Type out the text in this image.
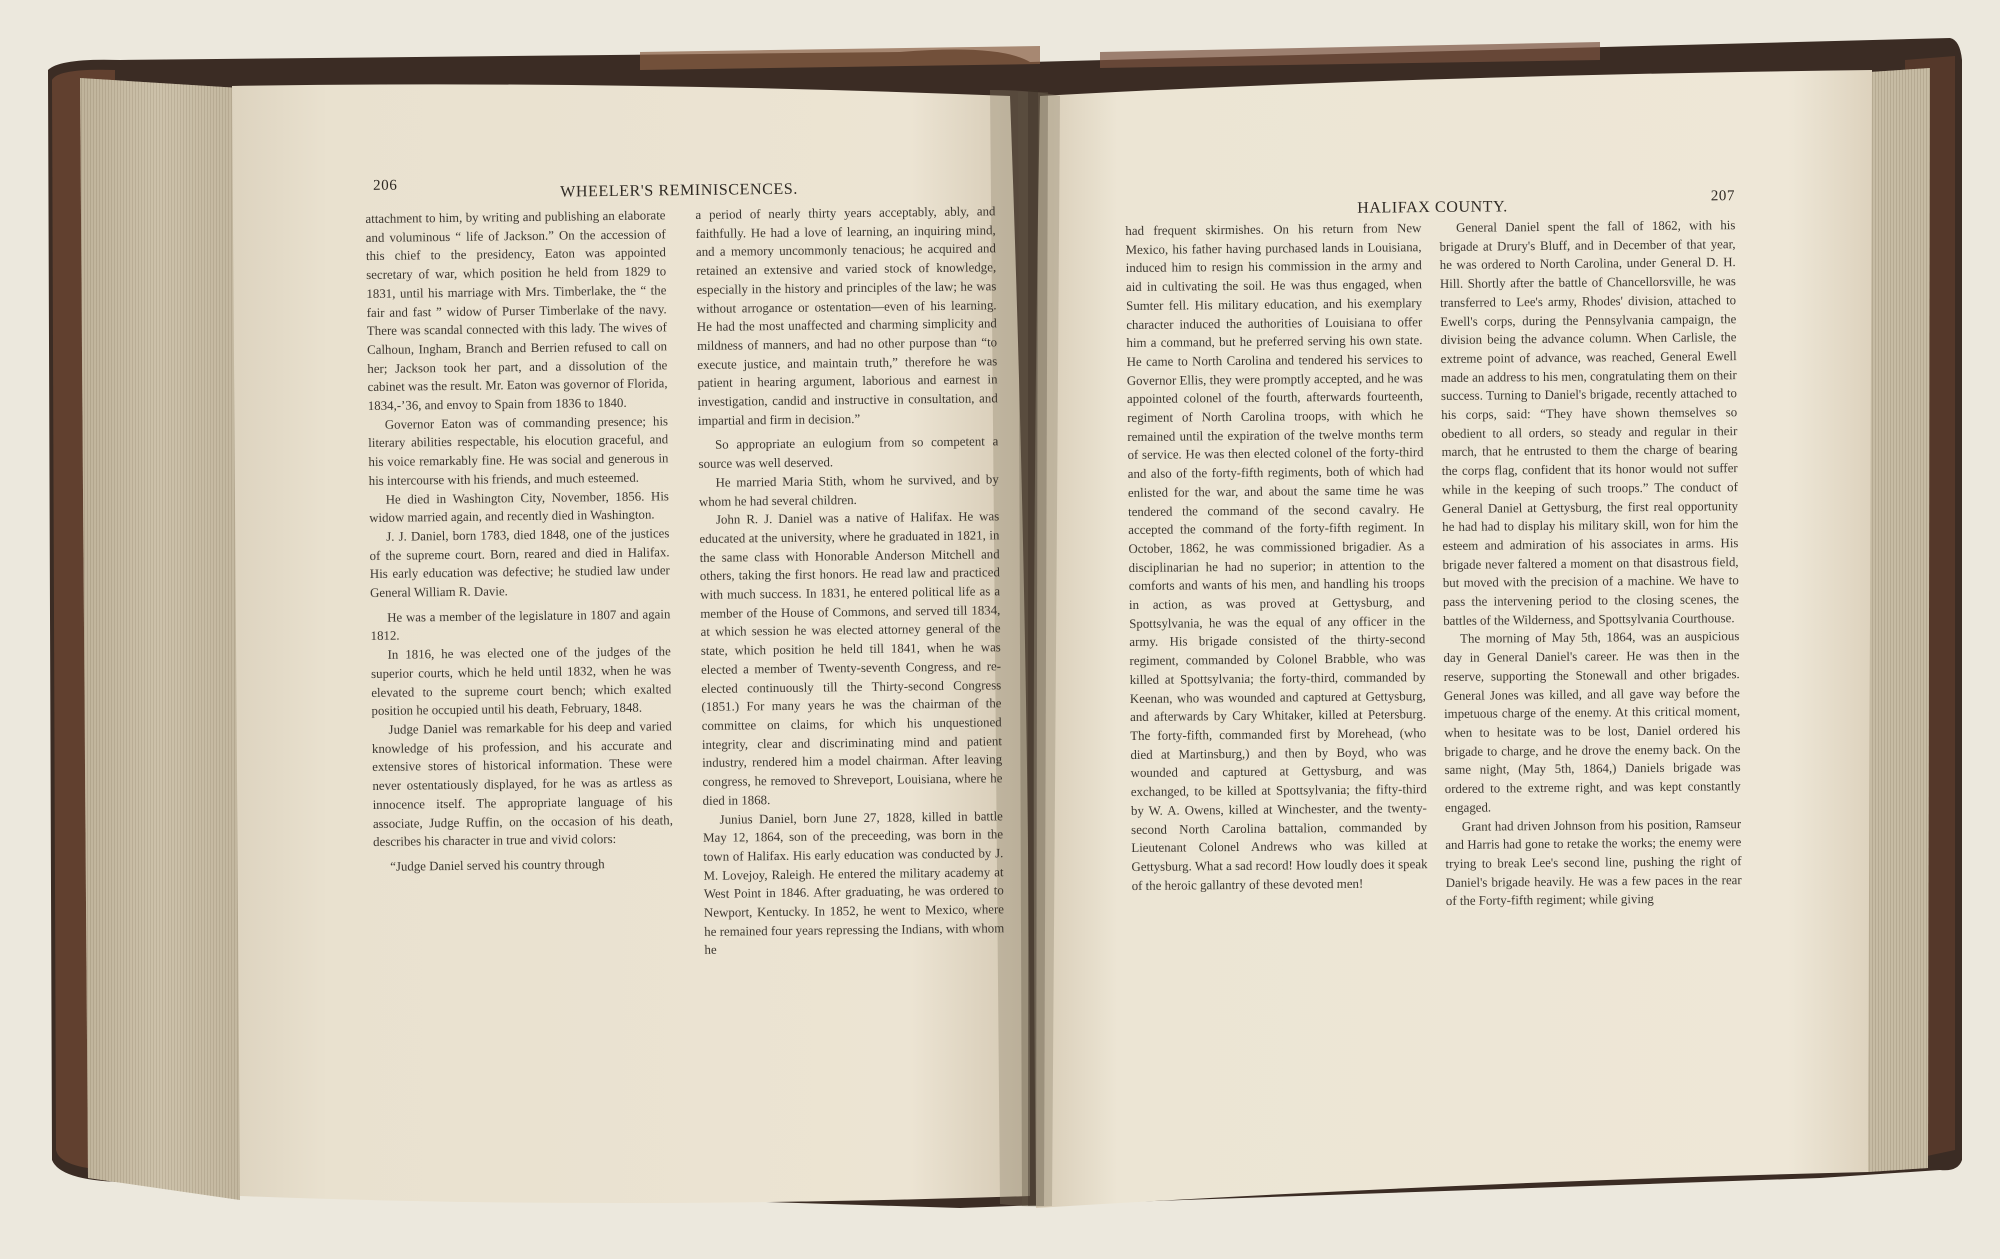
206	WHEELER'S REMINISCENCES.

attachment to him, by writing and publishing an elaborate and voluminous “ life of Jackson.” On the accession of this chief to the presidency, Eaton was appointed secretary of war, which position he held from 1829 to 1831, until his marriage with Mrs. Timberlake, the “ the fair and fast ” widow of Purser Timberlake of the navy. There was scandal connected with this lady. The wives of Calhoun, Ingham, Branch and Berrien refused to call on her; Jackson took her part, and a dissolution of the cabinet was the result. Mr. Eaton was governor of Florida, 1834,-’36, and envoy to Spain from 1836 to 1840.

Governor Eaton was of commanding presence; his literary abilities respectable, his elocution graceful, and his voice remarkably fine. He was social and generous in his intercourse with his friends, and much esteemed.

He died in Washington City, November, 1856. His widow married again, and recently died in Washington.

J. J. Daniel, born 1783, died 1848, one of the justices of the supreme court. Born, reared and died in Halifax. His early education was defective; he studied law under General William R. Davie.

He was a member of the legislature in 1807 and again 1812.

In 1816, he was elected one of the judges of the superior courts, which he held until 1832, when he was elevated to the supreme court bench; which exalted position he occupied until his death, February, 1848.

Judge Daniel was remarkable for his deep and varied knowledge of his profession, and his accurate and extensive stores of historical information. These were never ostentatiously displayed, for he was as artless as innocence itself. The appropriate language of his associate, Judge Ruffin, on the occasion of his death, describes his character in true and vivid colors:

“Judge Daniel served his country through

a period of nearly thirty years acceptably, ably, and faithfully. He had a love of learning, an inquiring mind, and a memory uncommonly tenacious; he acquired and retained an extensive and varied stock of knowledge, especially in the history and principles of the law; he was without arrogance or ostentation—even of his learning. He had the most unaffected and charming simplicity and mildness of manners, and had no other purpose than “to execute justice, and maintain truth,” therefore he was patient in hearing argument, laborious and earnest in investigation, candid and instructive in consultation, and impartial and firm in decision.”

So appropriate an eulogium from so competent a source was well deserved.

He married Maria Stith, whom he survived, and by whom he had several children.

John R. J. Daniel was a native of Halifax. He was educated at the university, where he graduated in 1821, in the same class with Honorable Anderson Mitchell and others, taking the first honors. He read law and practiced with much success. In 1831, he entered political life as a member of the House of Commons, and served till 1834, at which session he was elected attorney general of the state, which position he held till 1841, when he was elected a member of Twenty-seventh Congress, and re-elected continuously till the Thirty-second Congress (1851.) For many years he was the chairman of the committee on claims, for which his unquestioned integrity, clear and discriminating mind and patient industry, rendered him a model chairman. After leaving congress, he removed to Shreveport, Louisiana, where he died in 1868.

Junius Daniel, born June 27, 1828, killed in battle May 12, 1864, son of the preceeding, was born in the town of Halifax. His early education was conducted by J. M. Lovejoy, Raleigh. He entered the military academy at West Point in 1846. After graduating, he was ordered to Newport, Kentucky. In 1852, he went to Mexico, where he remained four years repressing the Indians, with whom he

HALIFAX COUNTY.
207

had frequent skirmishes. On his return from New Mexico, his father having purchased lands in Louisiana, induced him to resign his commission in the army and aid in cultivating the soil. He was thus engaged, when Sumter fell. His military education, and his exemplary character induced the authorities of Louisiana to offer him a command, but he preferred serving his own state. He came to North Carolina and tendered his services to Governor Ellis, they were promptly accepted, and he was appointed colonel of the fourth, afterwards fourteenth, regiment of North Carolina troops, with which he remained until the expiration of the twelve months term of service. He was then elected colonel of the forty-third and also of the forty-fifth regiments, both of which had enlisted for the war, and about the same time he was tendered the command of the second cavalry. He accepted the command of the forty-fifth regiment. In October, 1862, he was commissioned brigadier. As a disciplinarian he had no superior; in attention to the comforts and wants of his men, and handling his troops in action, as was proved at Gettysburg, and Spottsylvania, he was the equal of any officer in the army. His brigade consisted of the thirty-second regiment, commanded by Colonel Brabble, who was killed at Spottsylvania; the forty-third, commanded by Keenan, who was wounded and captured at Gettysburg, and afterwards by Cary Whitaker, killed at Petersburg. The forty-fifth, commanded first by Morehead, (who died at Martinsburg,) and then by Boyd, who was wounded and captured at Gettysburg, and was exchanged, to be killed at Spottsylvania; the fifty-third by W. A. Owens, killed at Winchester, and the twenty-second North Carolina battalion, commanded by Lieutenant Colonel Andrews who was killed at Gettysburg. What a sad record! How loudly does it speak of the heroic gallantry of these devoted men!

General Daniel spent the fall of 1862, with his brigade at Drury's Bluff, and in December of that year, he was ordered to North Carolina, under General D. H. Hill. Shortly after the battle of Chancellorsville, he was transferred to Lee's army, Rhodes' division, attached to Ewell's corps, during the Pennsylvania campaign, the division being the advance column. When Carlisle, the extreme point of advance, was reached, General Ewell made an address to his men, congratulating them on their success. Turning to Daniel's brigade, recently attached to his corps, said: “They have shown themselves so obedient to all orders, so steady and regular in their march, that he entrusted to them the charge of bearing the corps flag, confident that its honor would not suffer while in the keeping of such troops.” The conduct of General Daniel at Gettysburg, the first real opportunity he had had to display his military skill, won for him the esteem and admiration of his associates in arms. His brigade never faltered a moment on that disastrous field, but moved with the precision of a machine. We have to pass the intervening period to the closing scenes, the battles of the Wilderness, and Spottsylvania Courthouse.

The morning of May 5th, 1864, was an auspicious day in General Daniel's career. He was then in the reserve, supporting the Stonewall and other brigades. General Jones was killed, and all gave way before the impetuous charge of the enemy. At this critical moment, when to hesitate was to be lost, Daniel ordered his brigade to charge, and he drove the enemy back. On the same night, (May 5th, 1864,) Daniels brigade was ordered to the extreme right, and was kept constantly engaged.

Grant had driven Johnson from his position, Ramseur and Harris had gone to retake the works; the enemy were trying to break Lee's second line, pushing the right of Daniel's brigade heavily. He was a few paces in the rear of the Forty-fifth regiment; while giving
